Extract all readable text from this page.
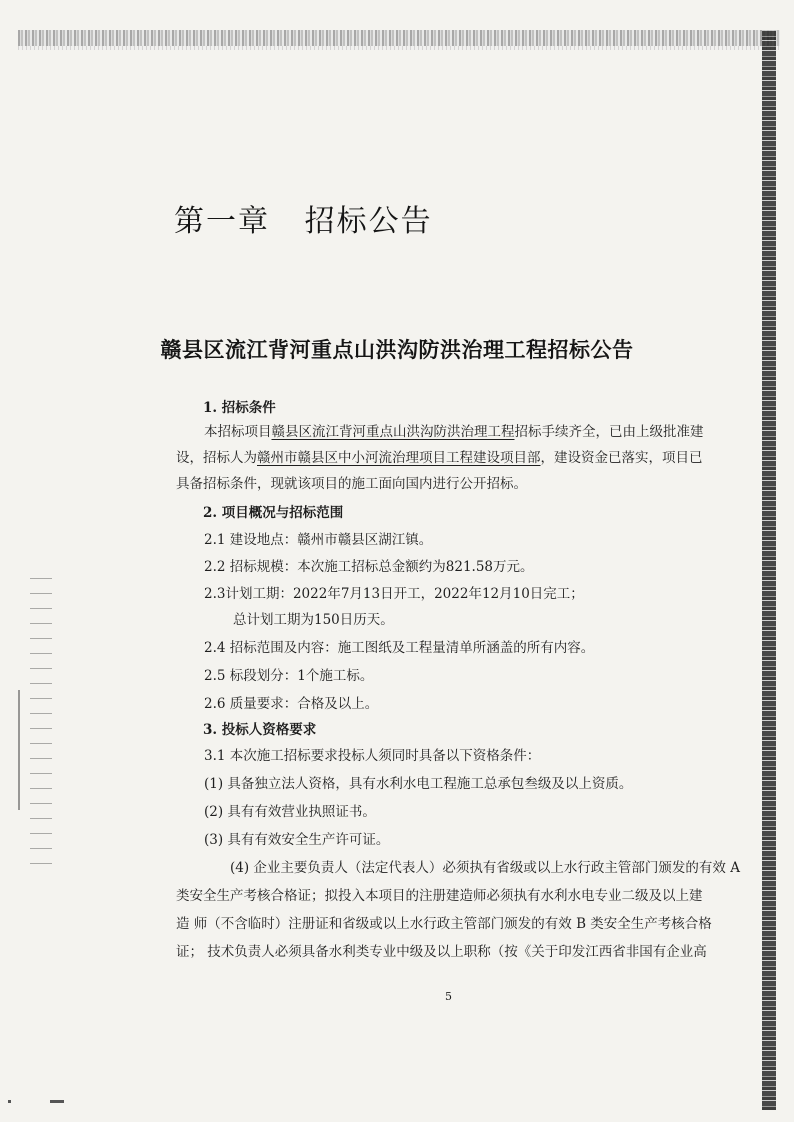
第一章 招标公告
赣县区流江背河重点山洪沟防洪治理工程招标公告
1. 招标条件
本招标项目赣县区流江背河重点山洪沟防洪治理工程招标手续齐全，已由上级批准建
设，招标人为赣州市赣县区中小河流治理项目工程建设项目部，建设资金已落实，项目已
具备招标条件，现就该项目的施工面向国内进行公开招标。
2. 项目概况与招标范围
2.1 建设地点：赣州市赣县区湖江镇。
2.2 招标规模：本次施工招标总金额约为821.58万元。
2.3计划工期：2022年7月13日开工，2022年12月10日完工；
总计划工期为150日历天。
2.4 招标范围及内容：施工图纸及工程量清单所涵盖的所有内容。
2.5 标段划分：1个施工标。
2.6 质量要求：合格及以上。
3. 投标人资格要求
3.1 本次施工招标要求投标人须同时具备以下资格条件：
(1) 具备独立法人资格，具有水利水电工程施工总承包叁级及以上资质。
(2) 具有有效营业执照证书。
(3) 具有有效安全生产许可证。
(4) 企业主要负责人（法定代表人）必须执有省级或以上水行政主管部门颁发的有效 A
类安全生产考核合格证；拟投入本项目的注册建造师必须执有水利水电专业二级及以上建
造 师（不含临时）注册证和省级或以上水行政主管部门颁发的有效 B 类安全生产考核合格
证； 技术负责人必须具备水利类专业中级及以上职称（按《关于印发江西省非国有企业高
5
